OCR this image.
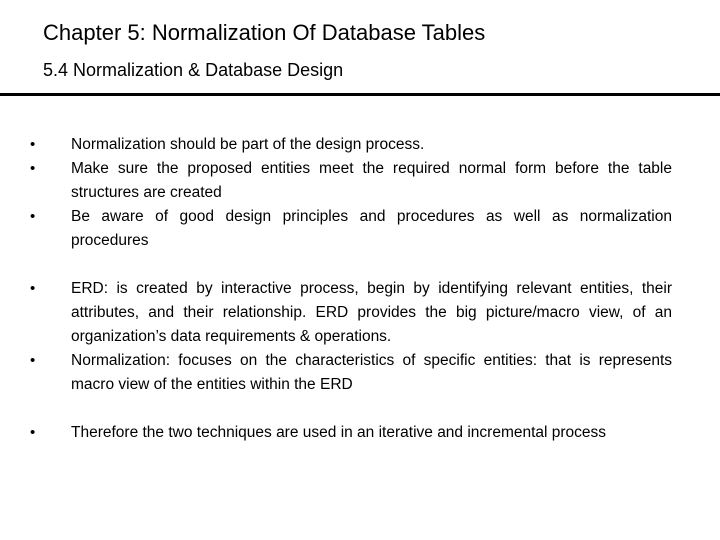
Chapter 5: Normalization Of Database Tables
5.4 Normalization & Database Design
•	Normalization should be part of the design process.
•	Make sure the proposed entities meet the required normal form before the table structures are created
•	Be aware of good design principles and procedures as well as normalization procedures
•	ERD: is created by interactive process, begin by identifying relevant entities, their attributes, and their relationship. ERD provides the big picture/macro view, of an organization’s data requirements & operations.
•	Normalization: focuses on the characteristics of specific entities: that is represents macro view of the entities within the ERD
•	Therefore the two techniques are used in an iterative and incremental process
